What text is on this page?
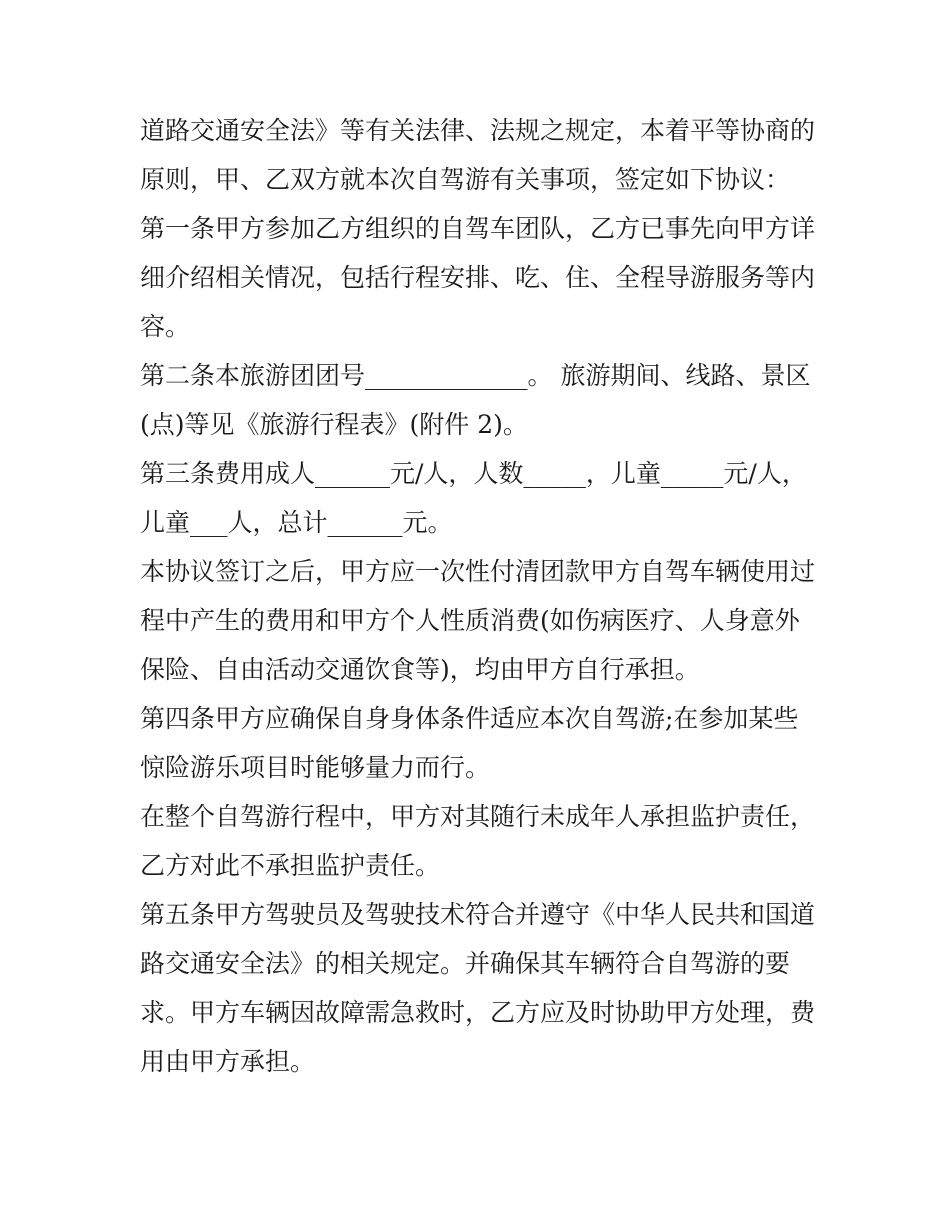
道路交通安全法》等有关法律、法规之规定，本着平等协商的

原则，甲、乙双方就本次自驾游有关事项，签定如下协议：

第一条甲方参加乙方组织的自驾车团队，乙方已事先向甲方详

细介绍相关情况，包括行程安排、吃、住、全程导游服务等内

容。

第二条本旅游团团号_____________。 旅游期间、线路、景区

(点)等见《旅游行程表》(附件 2)。

第三条费用成人______元/人，人数_____，儿童_____元/人，

儿童___人，总计______元。

本协议签订之后，甲方应一次性付清团款甲方自驾车辆使用过

程中产生的费用和甲方个人性质消费(如伤病医疗、人身意外

保险、自由活动交通饮食等)，均由甲方自行承担。

第四条甲方应确保自身身体条件适应本次自驾游;在参加某些

惊险游乐项目时能够量力而行。

在整个自驾游行程中，甲方对其随行未成年人承担监护责任，

乙方对此不承担监护责任。

第五条甲方驾驶员及驾驶技术符合并遵守《中华人民共和国道

路交通安全法》的相关规定。并确保其车辆符合自驾游的要

求。甲方车辆因故障需急救时，乙方应及时协助甲方处理，费

用由甲方承担。
